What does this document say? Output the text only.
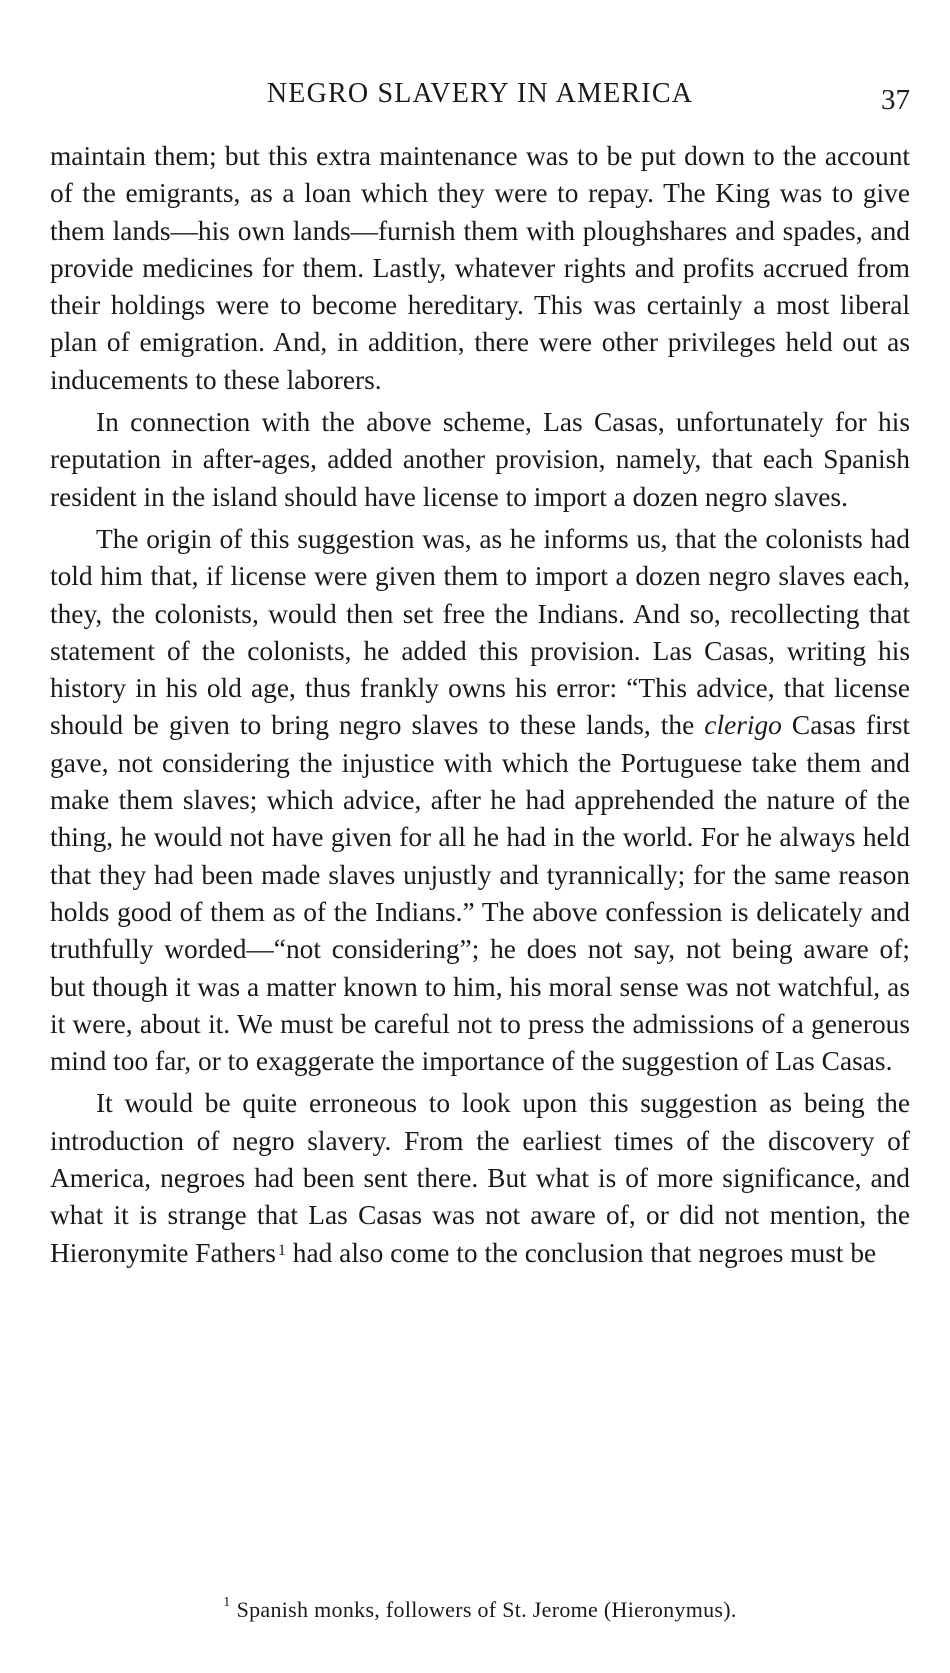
NEGRO SLAVERY IN AMERICA	37

maintain them; but this extra maintenance was to be put down to the account of the emigrants, as a loan which they were to repay. The King was to give them lands—his own lands—furnish them with ploughshares and spades, and provide medicines for them. Lastly, whatever rights and profits accrued from their holdings were to become hereditary. This was certainly a most liberal plan of emigration. And, in addition, there were other privileges held out as inducements to these laborers.

In connection with the above scheme, Las Casas, unfortunately for his reputation in after-ages, added another provision, namely, that each Spanish resident in the island should have license to import a dozen negro slaves.

The origin of this suggestion was, as he informs us, that the colonists had told him that, if license were given them to import a dozen negro slaves each, they, the colonists, would then set free the Indians. And so, recollecting that statement of the colonists, he added this provision. Las Casas, writing his history in his old age, thus frankly owns his error: “This advice, that license should be given to bring negro slaves to these lands, the clerigo Casas first gave, not considering the injustice with which the Portuguese take them and make them slaves; which advice, after he had apprehended the nature of the thing, he would not have given for all he had in the world. For he always held that they had been made slaves unjustly and tyrannically; for the same reason holds good of them as of the Indians.” The above confession is delicately and truthfully worded—“not considering”; he does not say, not being aware of; but though it was a matter known to him, his moral sense was not watchful, as it were, about it. We must be careful not to press the admissions of a generous mind too far, or to exaggerate the importance of the suggestion of Las Casas.

It would be quite erroneous to look upon this suggestion as being the introduction of negro slavery. From the earliest times of the discovery of America, negroes had been sent there. But what is of more significance, and what it is strange that Las Casas was not aware of, or did not mention, the Hieronymite Fathers $^1$ had also come to the conclusion that negroes must be

$^1$ Spanish monks, followers of St. Jerome (Hieronymus).
